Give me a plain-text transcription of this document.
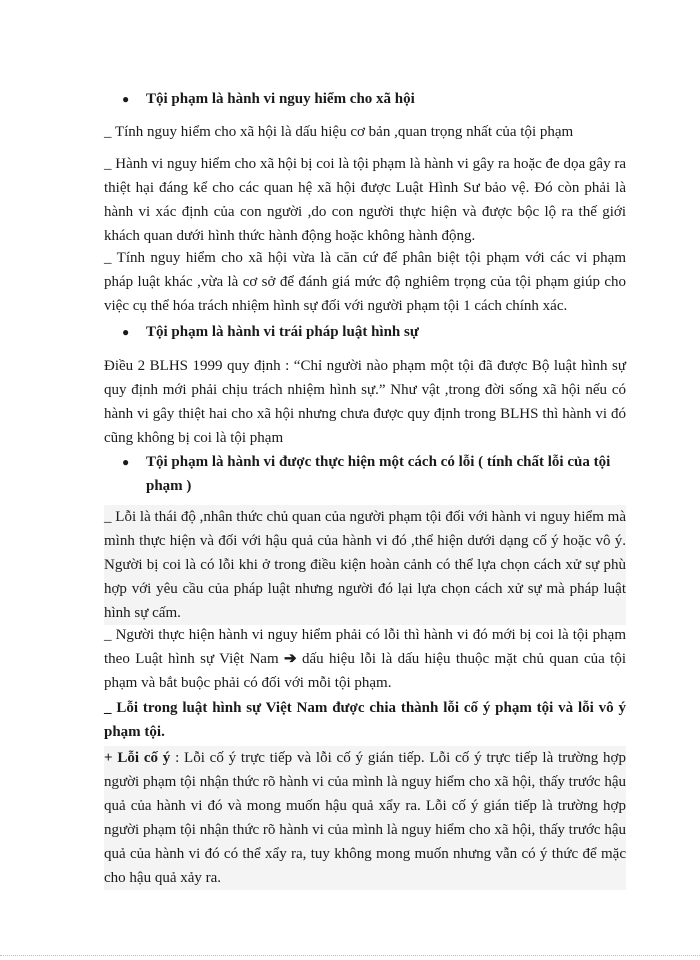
● Tội phạm là hành vi nguy hiểm cho xã hội
_ Tính nguy hiểm cho xã hội là dấu hiệu cơ bản ,quan trọng nhất của tội phạm
_ Hành vi nguy hiểm cho xã hội bị coi là tội phạm là hành vi gây ra hoặc đe dọa gây ra thiệt hại đáng kể cho các quan hệ xã hội được Luật Hình Sư bảo vệ. Đó còn phải là hành vi xác định của con người ,do con người thực hiện và được bộc lộ ra thế giới khách quan dưới hình thức hành động hoặc không hành động.
_ Tính nguy hiểm cho xã hội vừa là căn cứ để phân biệt tội phạm với các vi phạm pháp luật khác ,vừa là cơ sở để đánh giá mức độ nghiêm trọng của tội phạm giúp cho việc cụ thể hóa trách nhiệm hình sự đối với người phạm tội 1 cách chính xác.
● Tội phạm là hành vi trái pháp luật hình sự
Điều 2 BLHS 1999 quy định : “Chỉ người nào phạm một tội đã được Bộ luật hình sự quy định mới phải chịu trách nhiệm hình sự.” Như vật ,trong đời sống xã hội nếu có hành vi gây thiệt hai cho xã hội nhưng chưa được quy định trong BLHS thì hành vi đó cũng không bị coi là tội phạm
● Tội phạm là hành vi được thực hiện một cách có lỗi ( tính chất lỗi của tội phạm )
_ Lỗi là thái độ ,nhân thức chủ quan của người phạm tội đối với hành vi nguy hiểm mà mình thực hiện và đối với hậu quả của hành vi đó ,thể hiện dưới dạng cố ý hoặc vô ý. Người bị coi là có lỗi khi ở trong điều kiện hoàn cảnh có thể lựa chọn cách xử sự phù hợp với yêu cầu của pháp luật nhưng người đó lại lựa chọn cách xử sự mà pháp luật hình sự cấm.
_ Người thực hiện hành vi nguy hiểm phải có lỗi thì hành vi đó mới bị coi là tội phạm theo Luật hình sự Việt Nam ➔ dấu hiệu lỗi là dấu hiệu thuộc mặt chủ quan của tội phạm và bắt buộc phải có đối với mỗi tội phạm.
_ Lỗi trong luật hình sự Việt Nam được chia thành lỗi cố ý phạm tội và lỗi vô ý phạm tội.
+ Lỗi cố ý : Lỗi cố ý trực tiếp và lỗi cố ý gián tiếp. Lỗi cố ý trực tiếp là trường hợp người phạm tội nhận thức rõ hành vi của mình là nguy hiểm cho xã hội, thấy trước hậu quả của hành vi đó và mong muốn hậu quả xẩy ra. Lỗi cố ý gián tiếp là trường hợp người phạm tội nhận thức rõ hành vi của mình là nguy hiểm cho xã hội, thấy trước hậu quả của hành vi đó có thể xẩy ra, tuy không mong muốn nhưng vẫn có ý thức để mặc cho hậu quả xảy ra.
